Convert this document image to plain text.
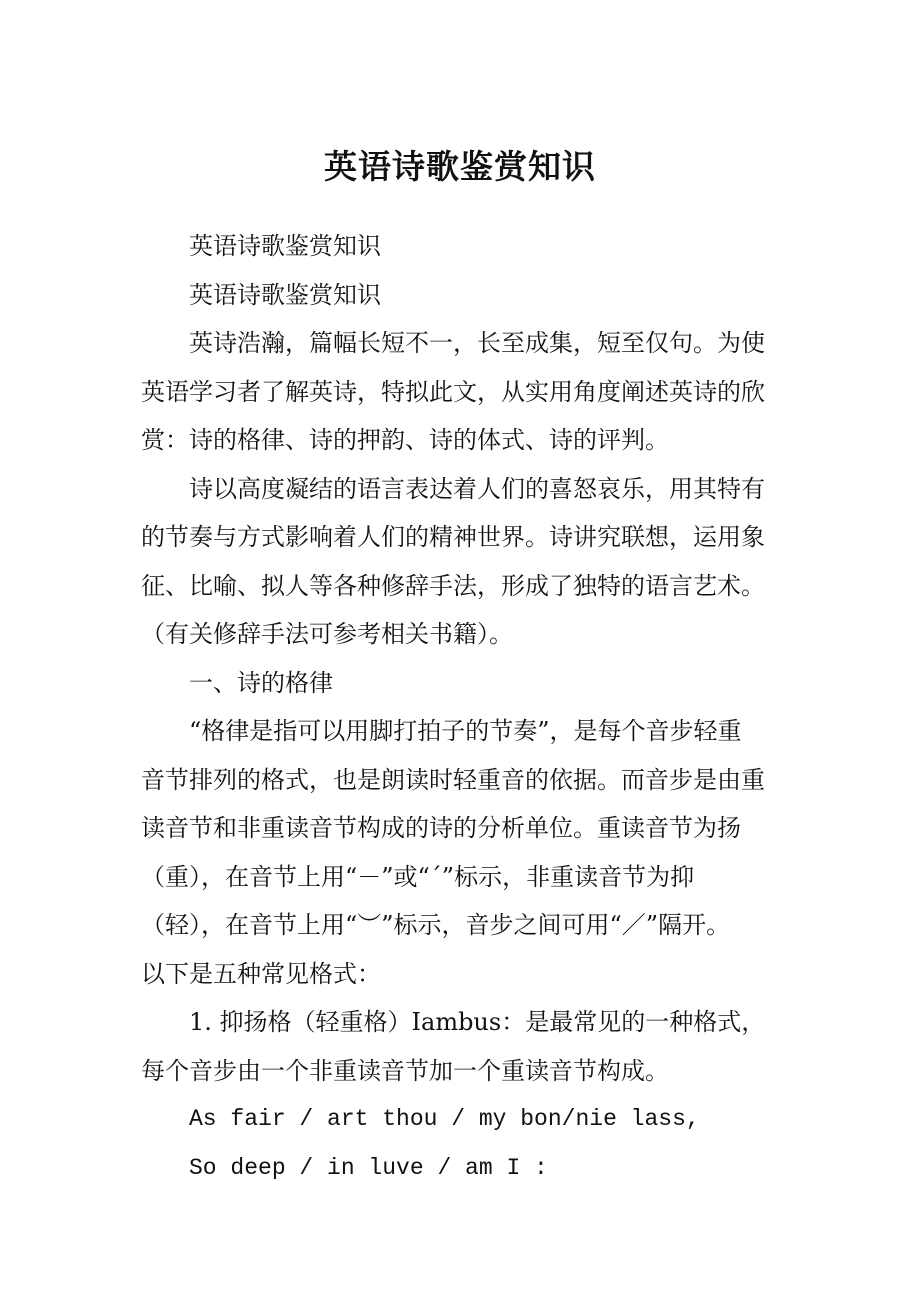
英语诗歌鉴赏知识
英语诗歌鉴赏知识
英语诗歌鉴赏知识
英诗浩瀚，篇幅长短不一，长至成集，短至仅句。为使
英语学习者了解英诗，特拟此文，从实用角度阐述英诗的欣
赏：诗的格律、诗的押韵、诗的体式、诗的评判。
诗以高度凝结的语言表达着人们的喜怒哀乐，用其特有
的节奏与方式影响着人们的精神世界。诗讲究联想，运用象
征、比喻、拟人等各种修辞手法，形成了独特的语言艺术。
（有关修辞手法可参考相关书籍）。
一、诗的格律
“格律是指可以用脚打拍子的节奏”，是每个音步轻重
音节排列的格式，也是朗读时轻重音的依据。而音步是由重
读音节和非重读音节构成的诗的分析单位。重读音节为扬
（重），在音节上用“－”或“ˊ”标示，非重读音节为抑
（轻），在音节上用“︶”标示，音步之间可用“／”隔开。
以下是五种常见格式：
1. 抑扬格（轻重格）Iambus：是最常见的一种格式，
每个音步由一个非重读音节加一个重读音节构成。
As fair / art thou / my bon/nie lass,
So deep / in luve / am I :
